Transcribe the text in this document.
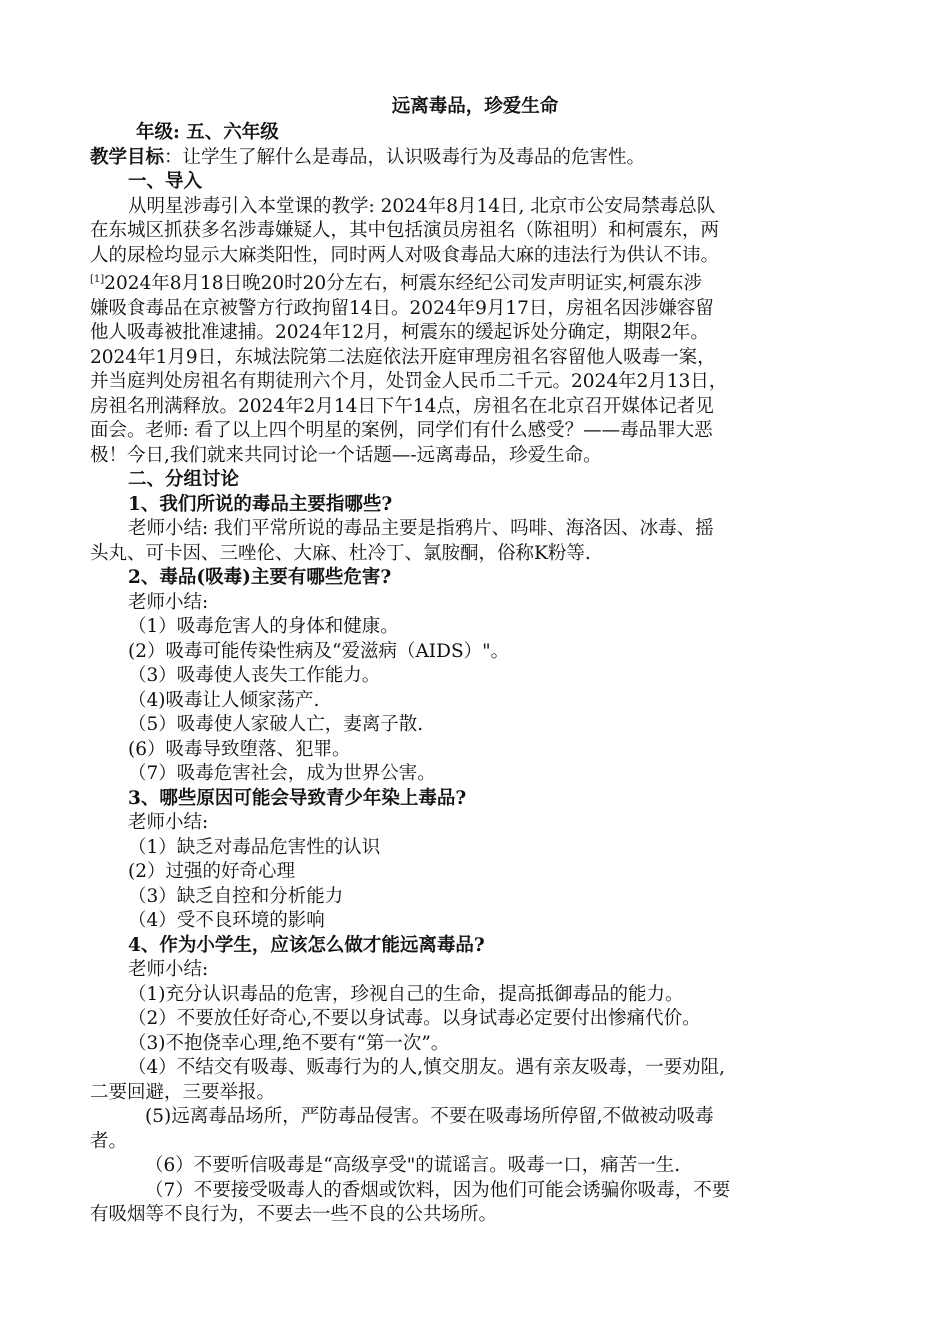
远离毒品，珍爱生命

年级: 五、六年级

教学目标：让学生了解什么是毒品，认识吸毒行为及毒品的危害性。

一、导入

从明星涉毒引入本堂课的教学: 2024年8月14日, 北京市公安局禁毒总队

在东城区抓获多名涉毒嫌疑人，其中包括演员房祖名（陈祖明）和柯震东，两

人的尿检均显示大麻类阳性，同时两人对吸食毒品大麻的违法行为供认不讳。

[1]2024年8月18日晚20时20分左右，柯震东经纪公司发声明证实,柯震东涉

嫌吸食毒品在京被警方行政拘留14日。2024年9月17日，房祖名因涉嫌容留

他人吸毒被批准逮捕。2024年12月，柯震东的缓起诉处分确定，期限2年。

2024年1月9日，东城法院第二法庭依法开庭审理房祖名容留他人吸毒一案，

并当庭判处房祖名有期徒刑六个月，处罚金人民币二千元。2024年2月13日，

房祖名刑满释放。2024年2月14日下午14点，房祖名在北京召开媒体记者见

面会。老师: 看了以上四个明星的案例，同学们有什么感受？——毒品罪大恶

极！今日,我们就来共同讨论一个话题—-远离毒品，珍爱生命。

二、分组讨论

1、我们所说的毒品主要指哪些?

老师小结: 我们平常所说的毒品主要是指鸦片、吗啡、海洛因、冰毒、摇

头丸、可卡因、三唑伦、大麻、杜冷丁、氯胺酮，俗称K粉等.

2、毒品(吸毒)主要有哪些危害?

老师小结:

（1）吸毒危害人的身体和健康。

(2）吸毒可能传染性病及“爱滋病（AIDS）"。

（3）吸毒使人丧失工作能力。

（4)吸毒让人倾家荡产.

（5）吸毒使人家破人亡，妻离子散.

(6）吸毒导致堕落、犯罪。

（7）吸毒危害社会，成为世界公害。

3、哪些原因可能会导致青少年染上毒品?

老师小结:

（1）缺乏对毒品危害性的认识

(2）过强的好奇心理

（3）缺乏自控和分析能力

（4）受不良环境的影响

4、作为小学生，应该怎么做才能远离毒品?

老师小结:

（1)充分认识毒品的危害，珍视自己的生命，提高抵御毒品的能力。

（2）不要放任好奇心,不要以身试毒。以身试毒必定要付出惨痛代价。

（3)不抱侥幸心理,绝不要有“第一次”。

（4）不结交有吸毒、贩毒行为的人,慎交朋友。遇有亲友吸毒，一要劝阻,

二要回避，三要举报。

(5)远离毒品场所，严防毒品侵害。不要在吸毒场所停留,不做被动吸毒

者。

（6）不要听信吸毒是“高级享受"的谎谣言。吸毒一口，痛苦一生.

（7）不要接受吸毒人的香烟或饮料，因为他们可能会诱骗你吸毒，不要

有吸烟等不良行为，不要去一些不良的公共场所。
